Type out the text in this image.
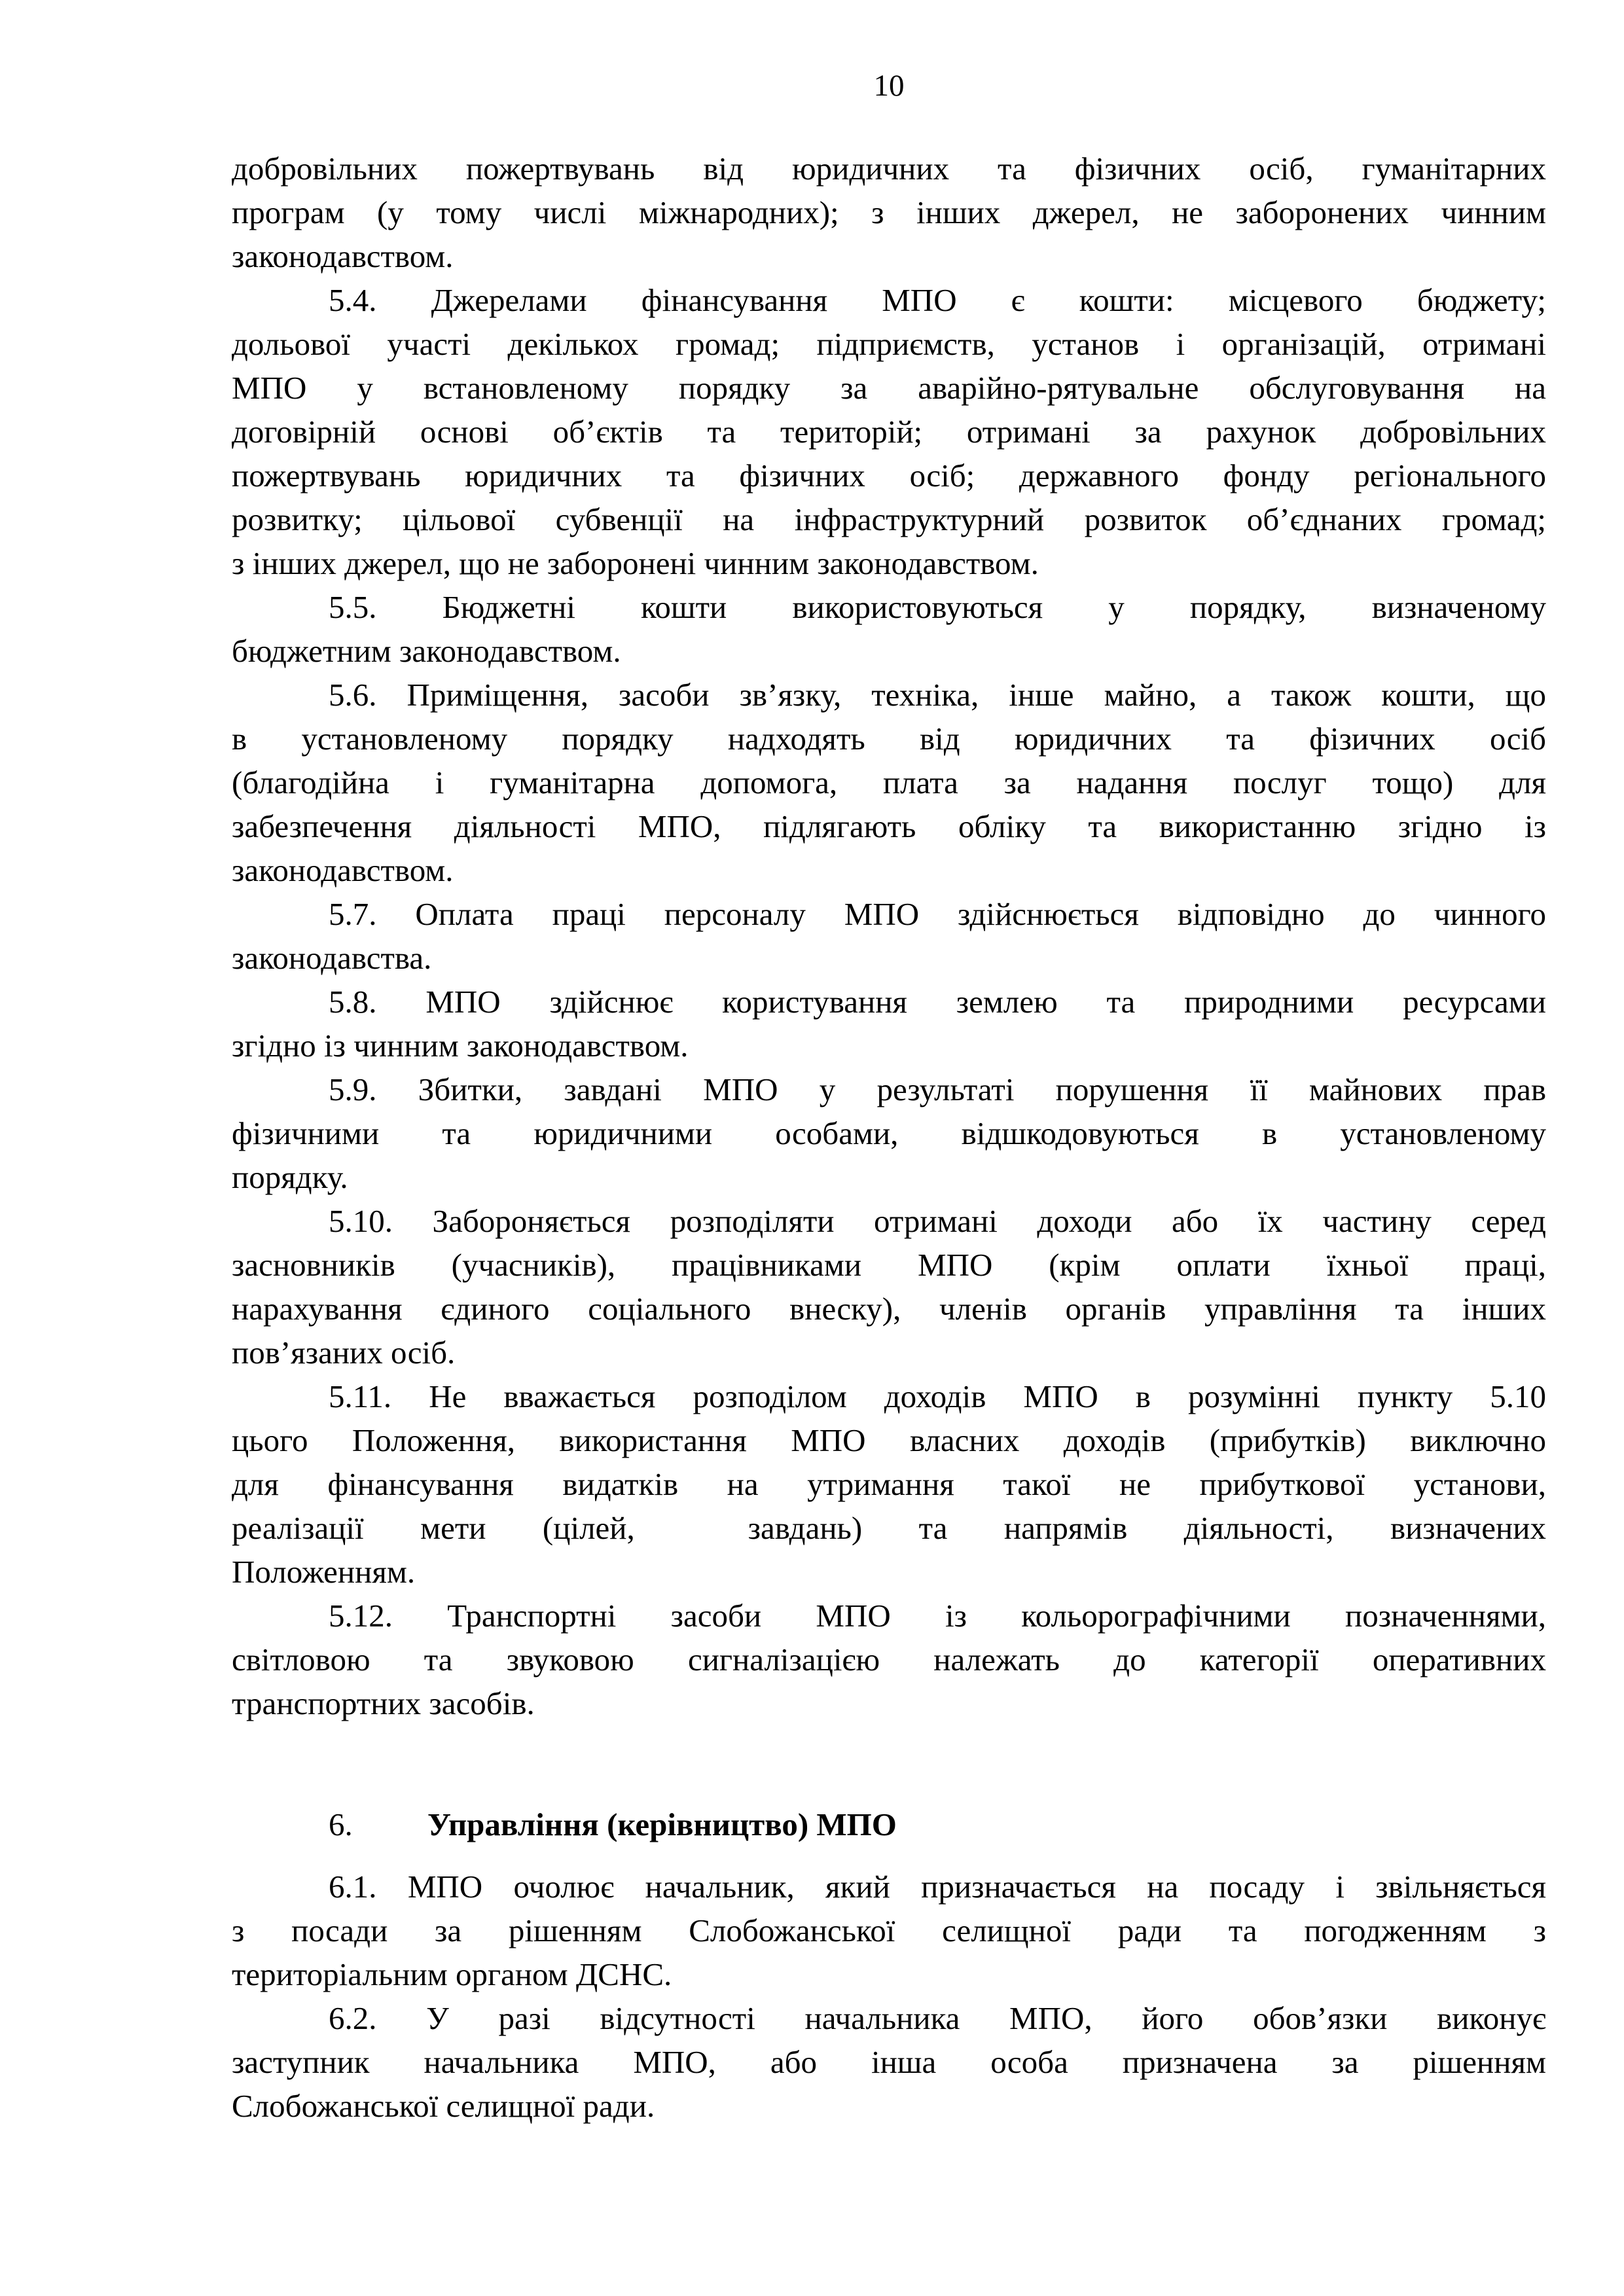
10
добровільних пожертвувань від юридичних та фізичних осіб, гуманітарних
програм (у тому числі міжнародних); з інших джерел, не заборонених чинним
законодавством.
5.4. Джерелами фінансування МПО є кошти: місцевого бюджету;
дольової участі декількох громад; підприємств, установ і організацій, отримані
МПО у встановленому порядку за аварійно-рятувальне обслуговування на
договірній основі об’єктів та територій; отримані за рахунок добровільних
пожертвувань юридичних та фізичних осіб; державного фонду регіонального
розвитку; цільової субвенції на інфраструктурний розвиток об’єднаних громад;
з інших джерел, що не заборонені чинним законодавством.
5.5. Бюджетні кошти використовуються у порядку, визначеному
бюджетним законодавством.
5.6. Приміщення, засоби зв’язку, техніка, інше майно, а також кошти, що
в установленому порядку надходять від юридичних та фізичних осіб
(благодійна і гуманітарна допомога, плата за надання послуг тощо) для
забезпечення діяльності МПО, підлягають обліку та використанню згідно із
законодавством.
5.7. Оплата праці персоналу МПО здійснюється відповідно до чинного
законодавства.
5.8. МПО здійснює користування землею та природними ресурсами
згідно із чинним законодавством.
5.9. Збитки, завдані МПО у результаті порушення її майнових прав
фізичними та юридичними особами, відшкодовуються в установленому
порядку.
5.10. Забороняється розподіляти отримані доходи або їх частину серед
засновників (учасників), працівниками МПО (крім оплати їхньої праці,
нарахування єдиного соціального внеску), членів органів управління та інших
пов’язаних осіб.
5.11. Не вважається розподілом доходів МПО в розумінні пункту 5.10
цього Положення, використання МПО власних доходів (прибутків) виключно
для фінансування видатків на утримання такої не прибуткової установи,
реалізації мети (цілей,  завдань) та напрямів діяльності, визначених
Положенням.
5.12. Транспортні засоби МПО із кольорографічними позначеннями,
світловою та звуковою сигналізацією належать до категорії оперативних
транспортних засобів.
6. Управління (керівництво) МПО
6.1. МПО очолює начальник, який призначається на посаду і звільняється
з посади за рішенням Слобожанської селищної ради та погодженням з
територіальним органом ДСНС.
6.2. У разі відсутності начальника МПО, його обов’язки виконує
заступник начальника МПО, або інша особа призначена за рішенням
Слобожанської селищної ради.
